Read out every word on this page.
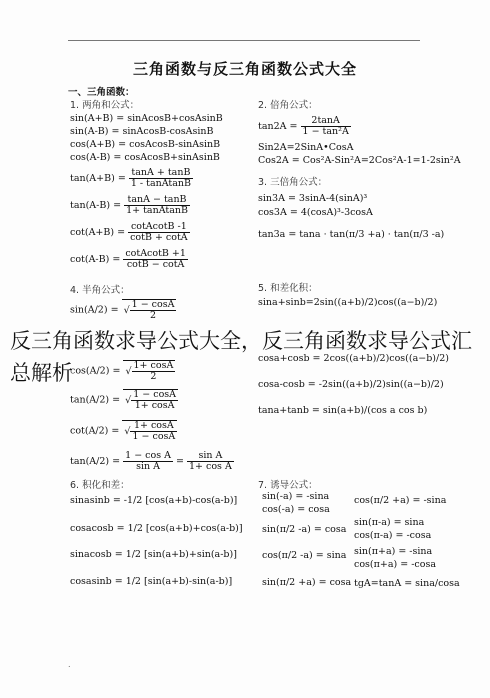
三角函数与反三角函数公式大全
一、三角函数：
1. 两角和公式：
sin(A+B) = sinAcosB+cosAsinB
sin(A-B) = sinAcosB-cosAsinB
cos(A+B) = cosAcosB-sinAsinB
cos(A-B) = cosAcosB+sinAsinB
$\tan(A+B) = \frac{\tan A + \tan B}{\text{1 - tanAtanB}}$
$\tan(A-B) = \frac{\tan A - \tan B}{\text{1+ tanAtanB}}$
$\cot(A+B) = \frac{\text{cotAcotB -1}}{\cot B + \cot A}$
$\cot(A-B) = \frac{\text{cotAcotB +1}}{\cot B - \cot A}$
2. 倍角公式：
$\tan 2A = \frac{2\tan A}{\text{1 − tan²A}}$
Sin2A=2SinA•CosA
Cos2A = Cos²A-Sin²A=2Cos²A-1=1-2sin²A
3. 三倍角公式：
sin3A = 3sinA-4(sinA)³
cos3A = 4(cosA)³-3cosA
tan3a = tana · tan(π/3 +a) · tan(π/3 -a)
4. 半角公式：
sin(A/2) = √ $\frac{1 - \cos A}{2}$
cos(A/2) = √ $\frac{1+ \cos A}{2}$
tan(A/2) = √ $\frac{1 - \cos A}{1+ \cos A}$
cot(A/2) = √ $\frac{1+ \cos A}{1 - \cos A}$
$\tan(A/2) = \frac{\text{1 − cos A}}{\text{sin A}} = \frac{\text{sin A}}{\text{1+ cos A}}$
5. 和差化积：
sina+sinb=2sin((a+b)/2)cos((a−b)/2)
cosa+cosb = 2cos((a+b)/2)cos((a−b)/2)
cosa-cosb = -2sin((a+b)/2)sin((a−b)/2)
tana+tanb = sin(a+b)/(cos a cos b)
6. 积化和差：
sinasinb = -1/2 [cos(a+b)-cos(a-b)]
cosacosb = 1/2 [cos(a+b)+cos(a-b)]
sinacosb = 1/2 [sin(a+b)+sin(a-b)]
cosasinb = 1/2 [sin(a+b)-sin(a-b)]
7. 诱导公式：
sin(-a) = -sina
cos(-a) = cosa
sin(π/2 -a) = cosa
cos(π/2 -a) = sina
sin(π/2 +a) = cosa
cos(π/2 +a) = -sina
sin(π-a) = sina
cos(π-a) = -cosa
sin(π+a) = -sina
cos(π+a) = -cosa
tgA=tanA = sina/cosa
.
反三角函数求导公式大全，反三角函数求导公式汇总解析
